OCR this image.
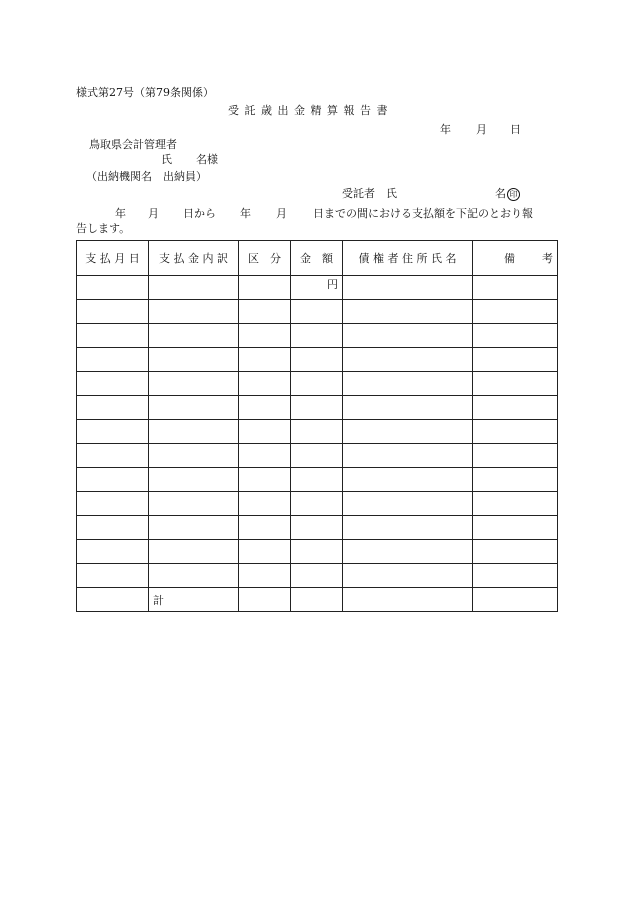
様式第27号（第79条関係）
受 託 歳 出 金 精 算 報 告 書
年 月 日
鳥取県会計管理者
氏 名様
（出納機関名　出納員）
受託者　氏	名 印
年 月 日から 年 月 日までの間における支払額を下記のとおり報
告します。
支 払 月 日	支 払 金 内 訳	区　分	金　額	債 権 者 住 所 氏 名	備 考

			円		

	計				
